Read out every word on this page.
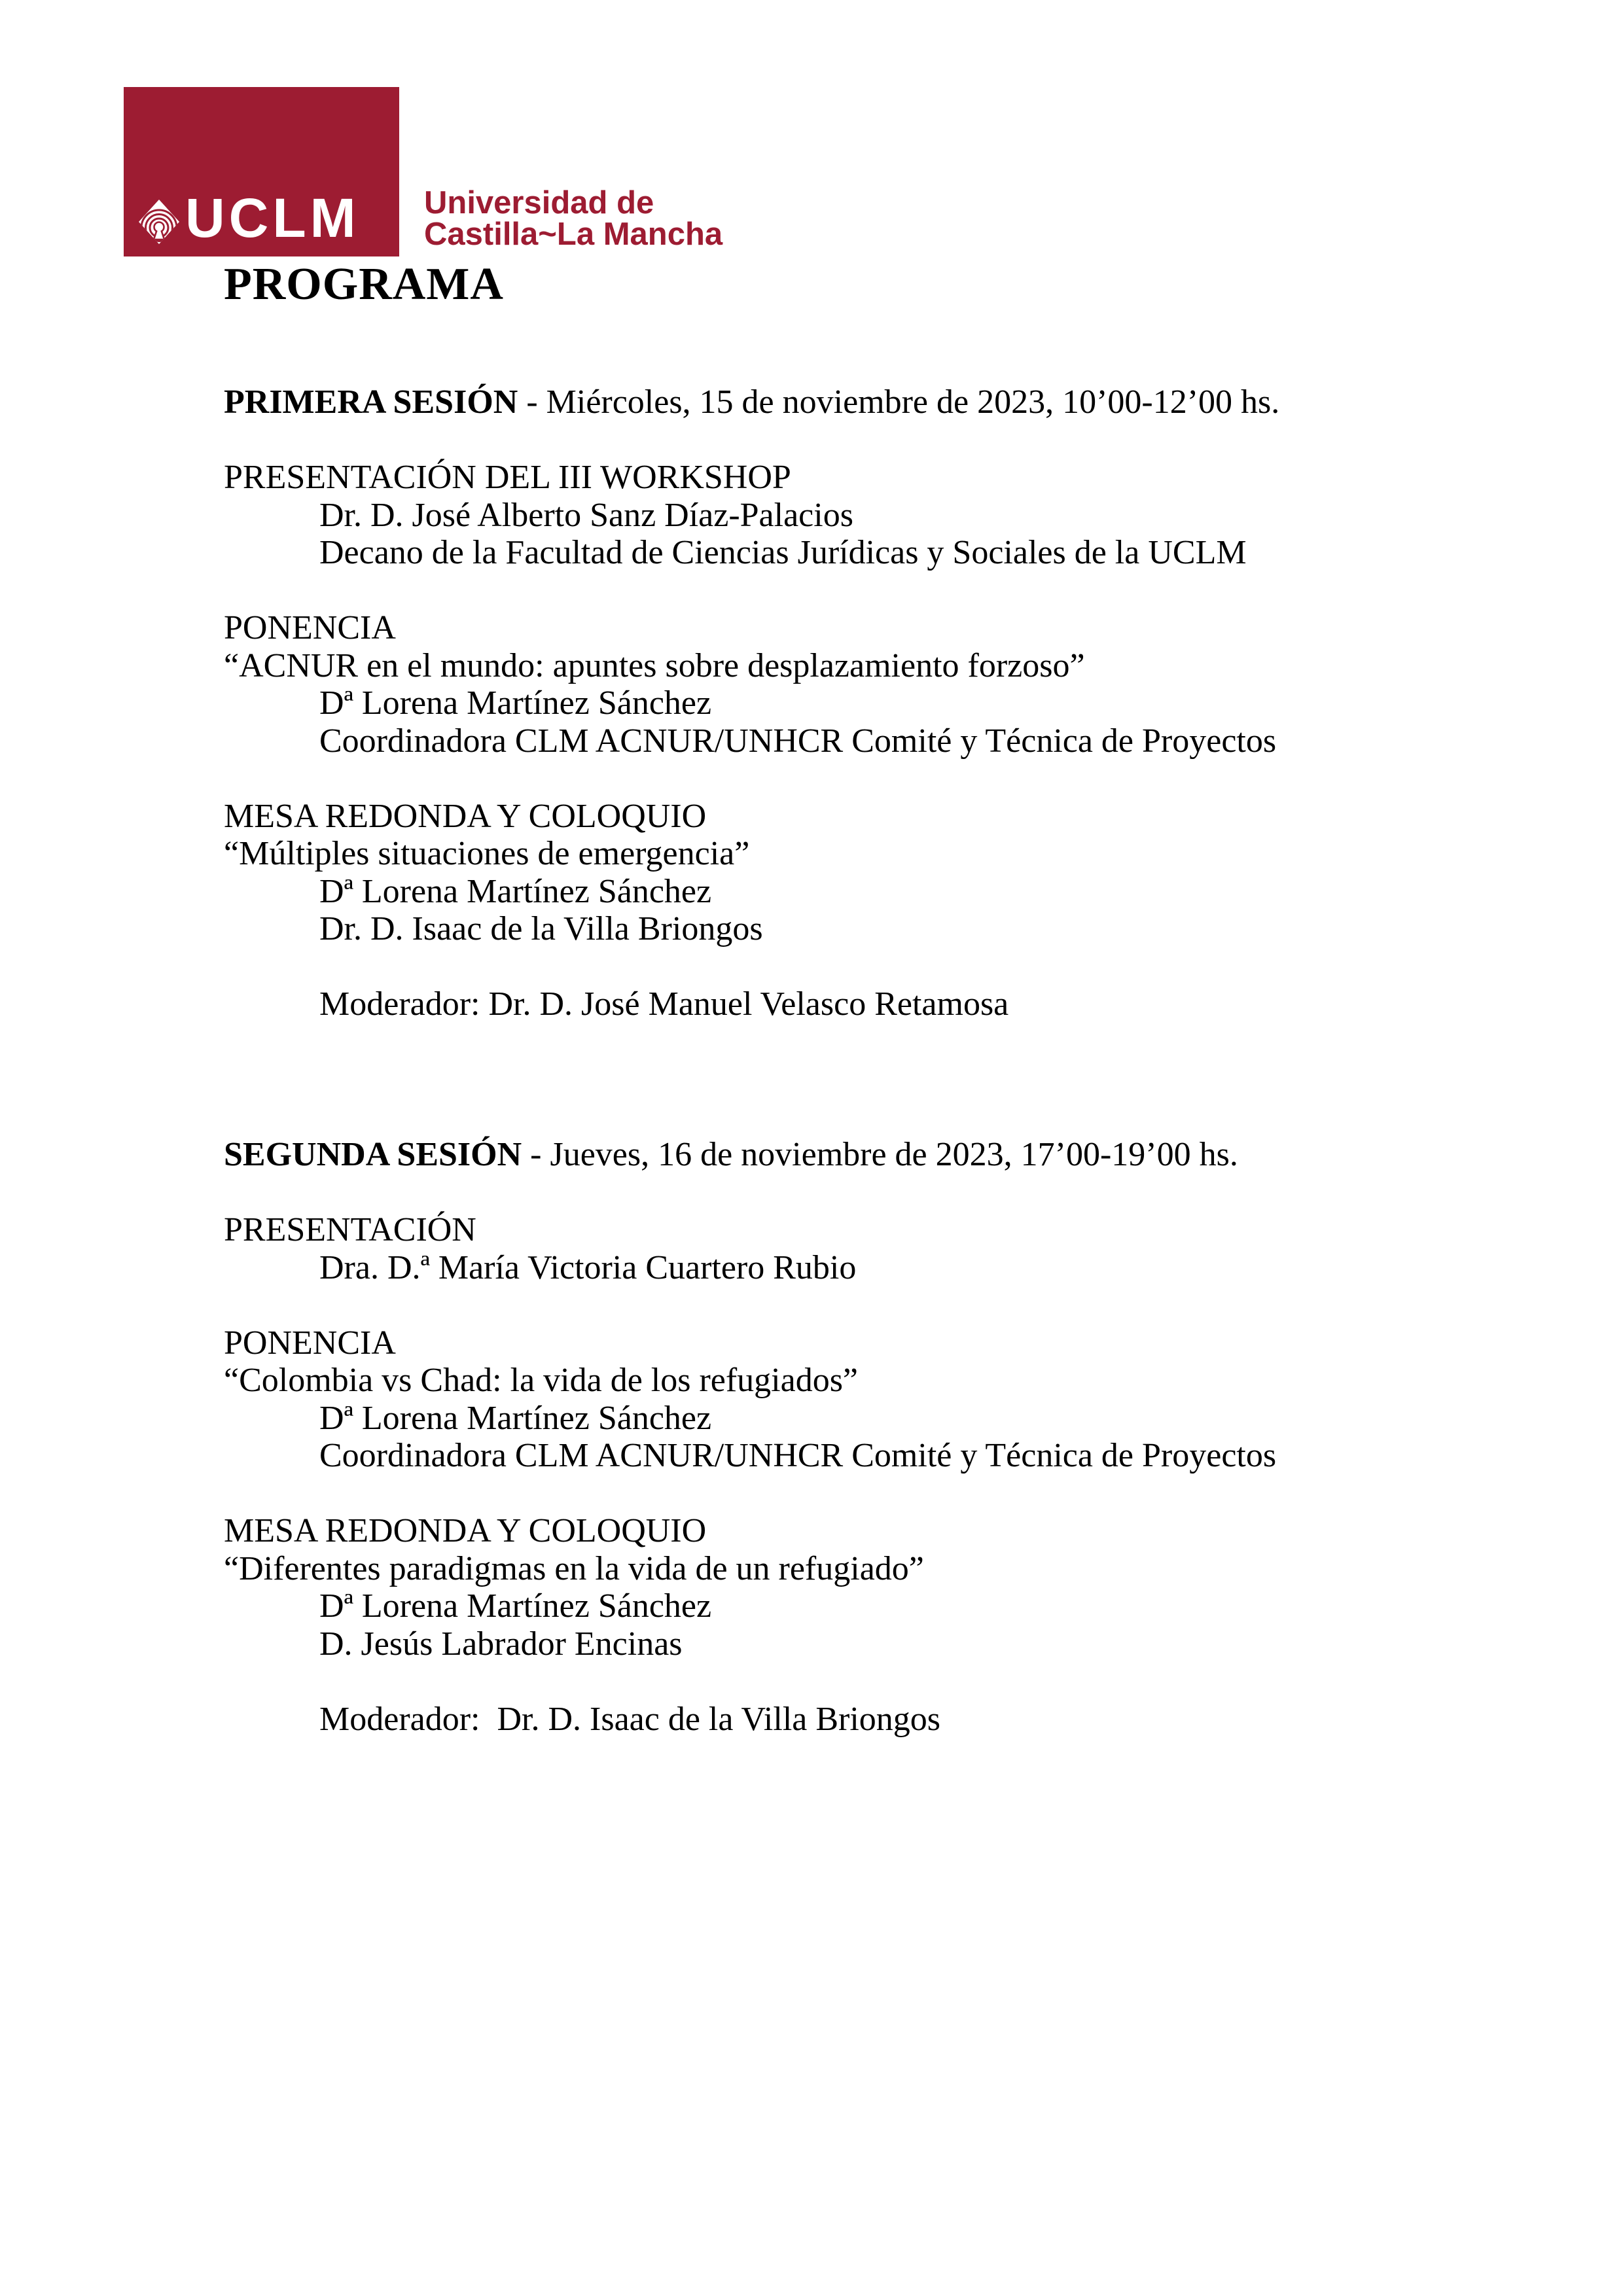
UCLM Universidad de
Castilla~La Mancha
PROGRAMA
PRIMERA SESIÓN - Miércoles, 15 de noviembre de 2023, 10’00-12’00 hs.
PRESENTACIÓN DEL III WORKSHOP
Dr. D. José Alberto Sanz Díaz-Palacios
Decano de la Facultad de Ciencias Jurídicas y Sociales de la UCLM
PONENCIA
“ACNUR en el mundo: apuntes sobre desplazamiento forzoso”
Dª Lorena Martínez Sánchez
Coordinadora CLM ACNUR/UNHCR Comité y Técnica de Proyectos
MESA REDONDA Y COLOQUIO
“Múltiples situaciones de emergencia”
Dª Lorena Martínez Sánchez
Dr. D. Isaac de la Villa Briongos
Moderador: Dr. D. José Manuel Velasco Retamosa
SEGUNDA SESIÓN - Jueves, 16 de noviembre de 2023, 17’00-19’00 hs.
PRESENTACIÓN
Dra. D.ª María Victoria Cuartero Rubio
PONENCIA
“Colombia vs Chad: la vida de los refugiados”
Dª Lorena Martínez Sánchez
Coordinadora CLM ACNUR/UNHCR Comité y Técnica de Proyectos
MESA REDONDA Y COLOQUIO
“Diferentes paradigmas en la vida de un refugiado”
Dª Lorena Martínez Sánchez
D. Jesús Labrador Encinas
Moderador:  Dr. D. Isaac de la Villa Briongos
